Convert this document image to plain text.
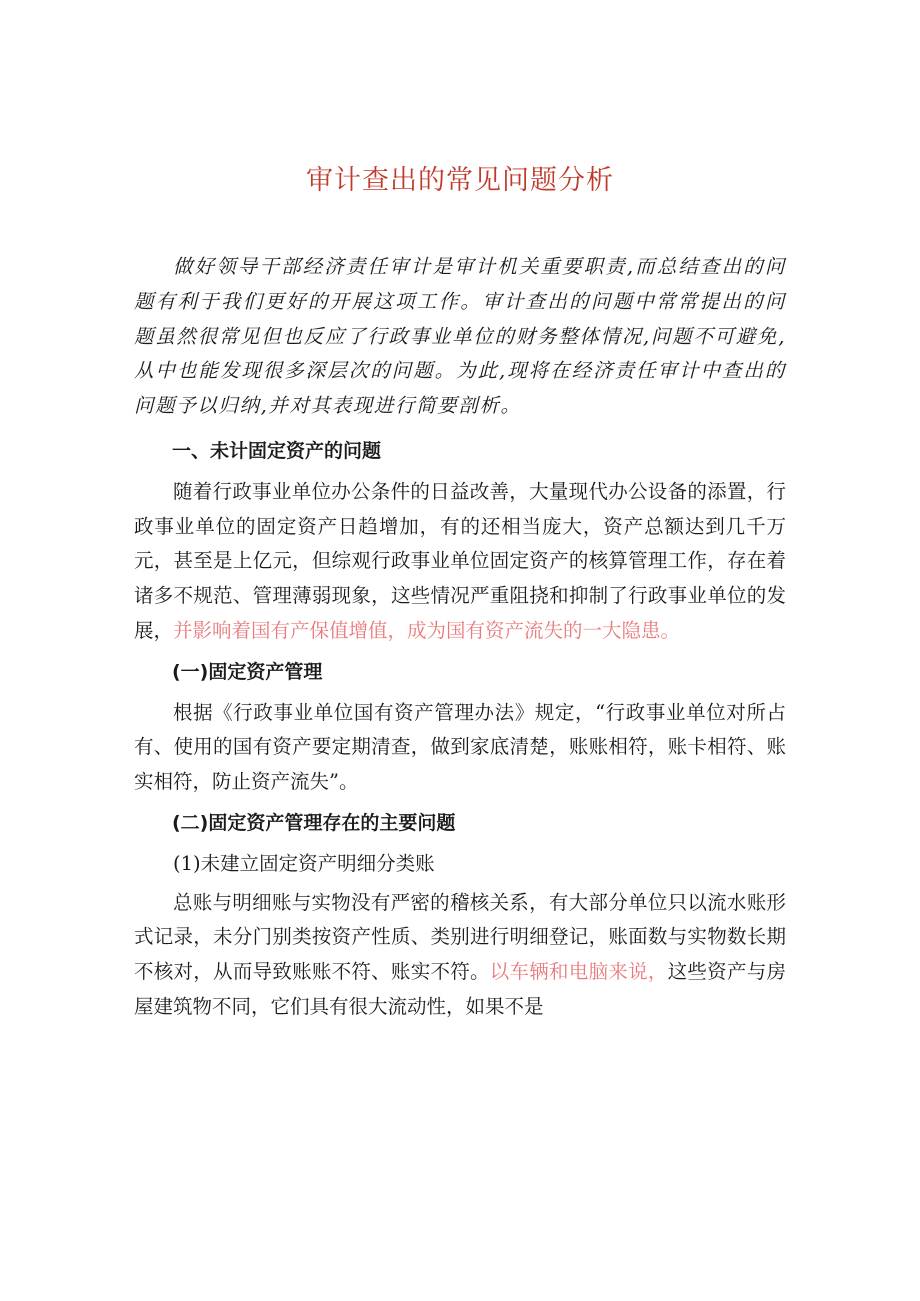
审计查出的常见问题分析

做好领导干部经济责任审计是审计机关重要职责,而总结查出的问题有利于我们更好的开展这项工作。审计查出的问题中常常提出的问题虽然很常见但也反应了行政事业单位的财务整体情况,问题不可避免,从中也能发现很多深层次的问题。为此,现将在经济责任审计中查出的问题予以归纳,并对其表现进行简要剖析。

一、未计固定资产的问题

随着行政事业单位办公条件的日益改善，大量现代办公设备的添置，行政事业单位的固定资产日趋增加，有的还相当庞大，资产总额达到几千万元，甚至是上亿元，但综观行政事业单位固定资产的核算管理工作，存在着诸多不规范、管理薄弱现象，这些情况严重阻挠和抑制了行政事业单位的发展，并影响着国有产保值增值，成为国有资产流失的一大隐患。

(一)固定资产管理

根据《行政事业单位国有资产管理办法》规定，“行政事业单位对所占有、使用的国有资产要定期清查，做到家底清楚，账账相符，账卡相符、账实相符，防止资产流失”。

(二)固定资产管理存在的主要问题

(1)未建立固定资产明细分类账

总账与明细账与实物没有严密的稽核关系，有大部分单位只以流水账形式记录，未分门别类按资产性质、类别进行明细登记，账面数与实物数长期不核对，从而导致账账不符、账实不符。以车辆和电脑来说，这些资产与房屋建筑物不同，它们具有很大流动性，如果不是
